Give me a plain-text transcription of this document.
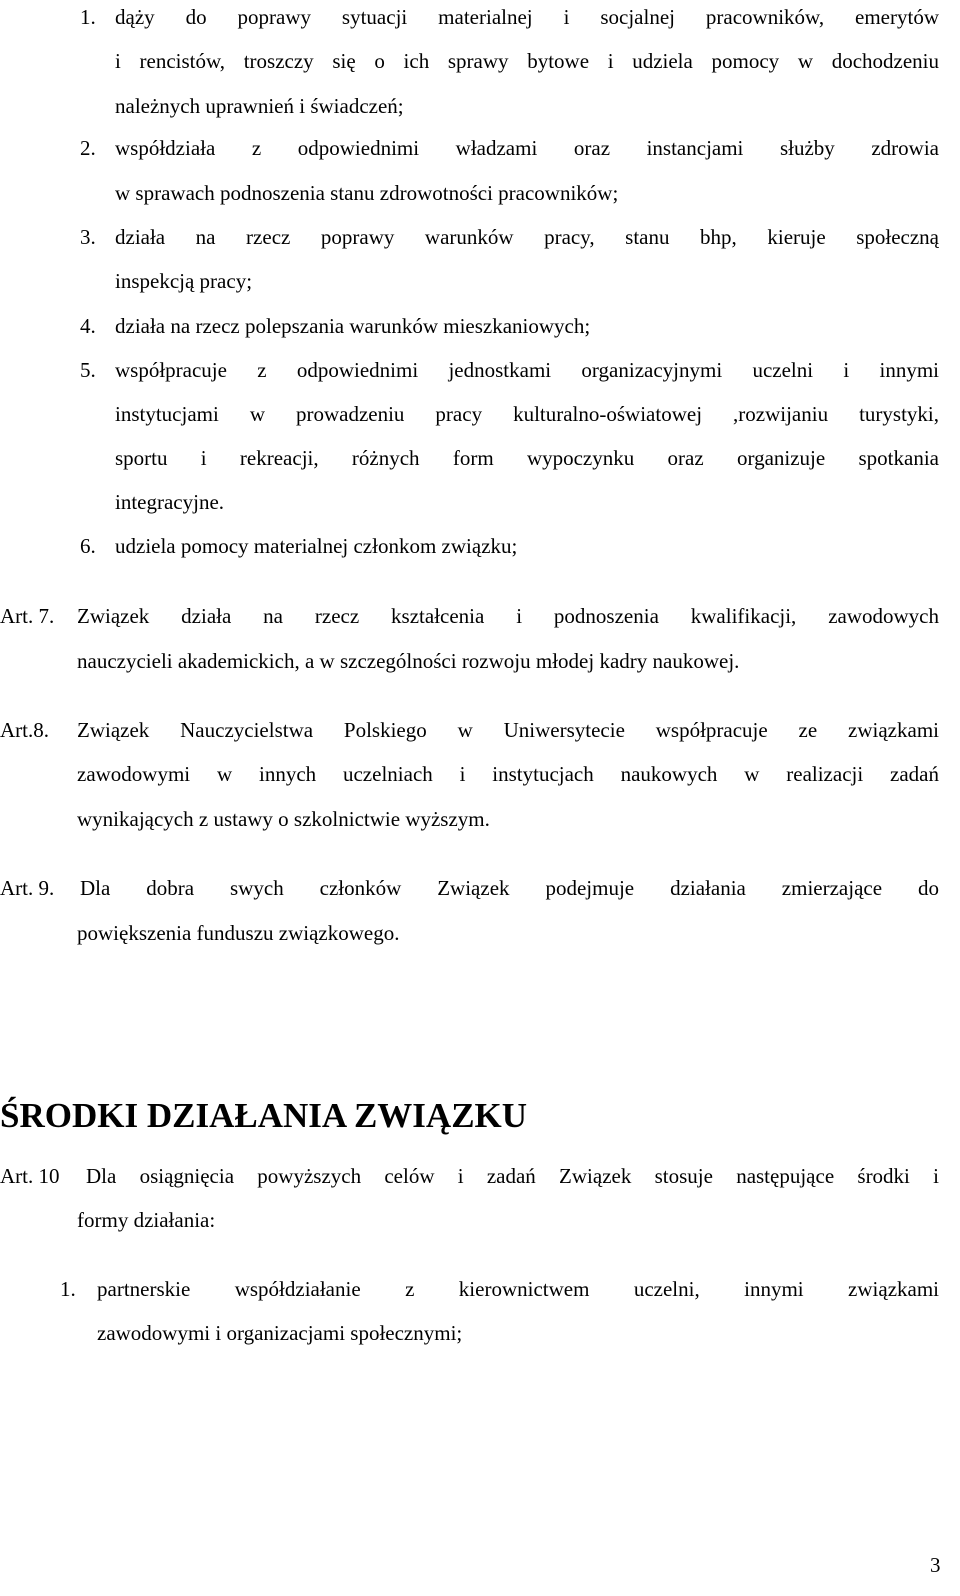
1. dąży do poprawy sytuacji materialnej i socjalnej pracowników, emerytów
i rencistów, troszczy się o ich sprawy bytowe i udziela pomocy w dochodzeniu
należnych uprawnień i świadczeń;
2. współdziała z odpowiednimi władzami oraz instancjami służby zdrowia
w sprawach podnoszenia stanu zdrowotności pracowników;
3. działa na rzecz poprawy warunków pracy, stanu bhp, kieruje społeczną
inspekcją pracy;
4. działa na rzecz polepszania warunków mieszkaniowych;
5. współpracuje z odpowiednimi jednostkami organizacyjnymi uczelni i innymi
instytucjami w prowadzeniu pracy kulturalno-oświatowej ,rozwijaniu turystyki,
sportu i rekreacji, różnych form wypoczynku oraz organizuje spotkania
integracyjne.
6. udziela pomocy materialnej członkom związku;
Art. 7. Związek działa na rzecz kształcenia i podnoszenia kwalifikacji, zawodowych
nauczycieli akademickich, a w szczególności rozwoju młodej kadry naukowej.
Art.8. Związek Nauczycielstwa Polskiego w Uniwersytecie współpracuje ze związkami
zawodowymi w innych uczelniach i instytucjach naukowych w realizacji zadań
wynikających z ustawy o szkolnictwie wyższym.
Art. 9. Dla dobra swych członków Związek podejmuje działania zmierzające do
powiększenia funduszu związkowego.
ŚRODKI DZIAŁANIA ZWIĄZKU
Art. 10 Dla osiągnięcia powyższych celów i zadań Związek stosuje następujące środki i
formy działania:
1. partnerskie współdziałanie z kierownictwem uczelni, innymi związkami
zawodowymi i organizacjami społecznymi;
3
